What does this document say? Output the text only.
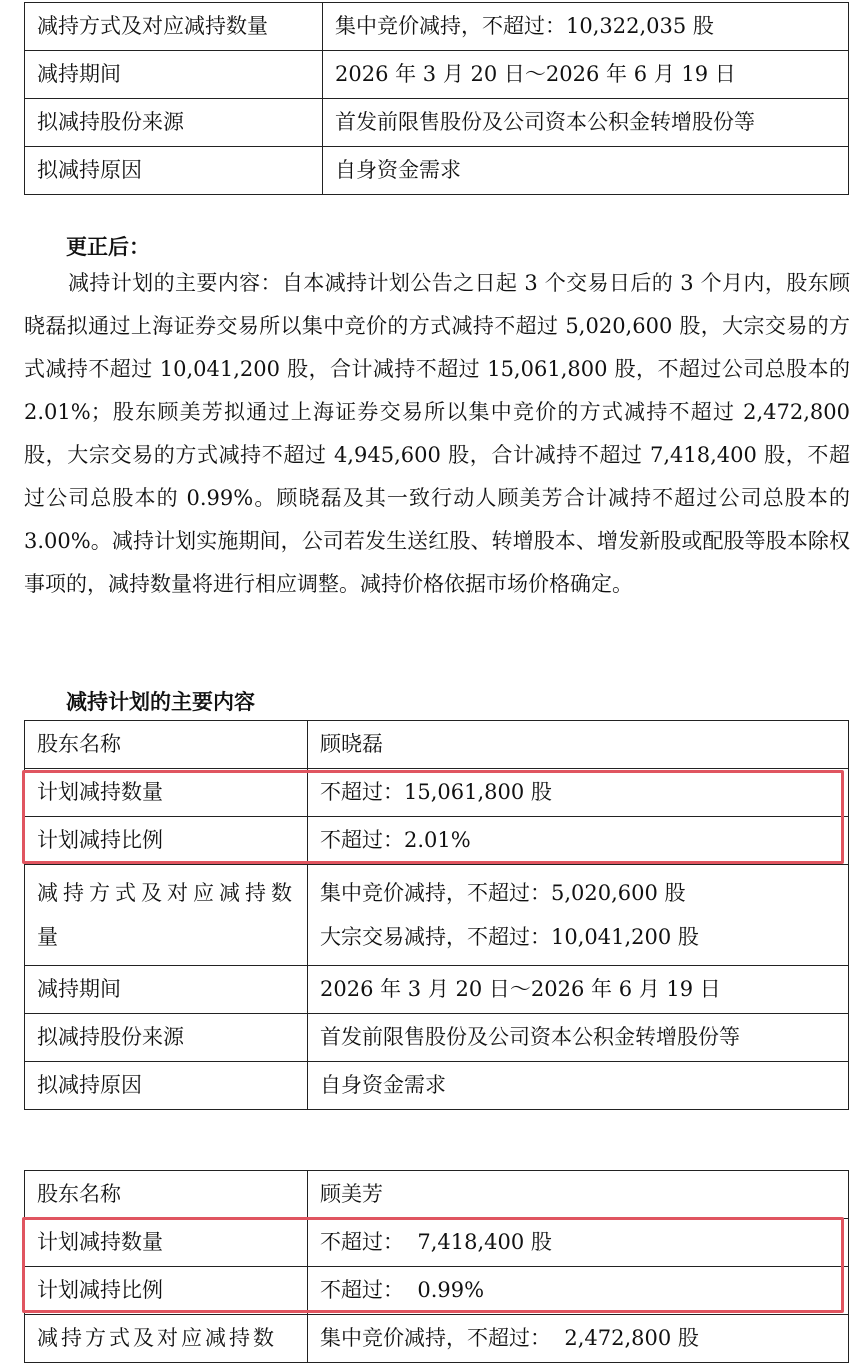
减持方式及对应减持数量	集中竞价减持，不超过：10,322,035 股
减持期间	2026 年 3 月 20 日～2026 年 6 月 19 日
拟减持股份来源	首发前限售股份及公司资本公积金转增股份等
拟减持原因	自身资金需求

更正后：

减持计划的主要内容：自本减持计划公告之日起 3 个交易日后的 3 个月内，股东顾晓磊拟通过上海证券交易所以集中竞价的方式减持不超过 5,020,600 股，大宗交易的方式减持不超过 10,041,200 股，合计减持不超过 15,061,800 股，不超过公司总股本的 2.01%；股东顾美芳拟通过上海证券交易所以集中竞价的方式减持不超过 2,472,800 股，大宗交易的方式减持不超过 4,945,600 股，合计减持不超过 7,418,400 股，不超过公司总股本的 0.99%。顾晓磊及其一致行动人顾美芳合计减持不超过公司总股本的 3.00%。减持计划实施期间，公司若发生送红股、转增股本、增发新股或配股等股本除权事项的，减持数量将进行相应调整。减持价格依据市场价格确定。

减持计划的主要内容

股东名称	顾晓磊
计划减持数量	不超过：15,061,800 股
计划减持比例	不超过：2.01%
减持方式及对应减持数量	集中竞价减持，不超过：5,020,600 股
大宗交易减持，不超过：10,041,200 股

减持期间	2026 年 3 月 20 日～2026 年 6 月 19 日
拟减持股份来源	首发前限售股份及公司资本公积金转增股份等
拟减持原因	自身资金需求
股东名称	顾美芳
计划减持数量	不超过：  7,418,400 股
计划减持比例	不超过：  0.99%
减持方式及对应减持数	集中竞价减持，不超过：  2,472,800 股
